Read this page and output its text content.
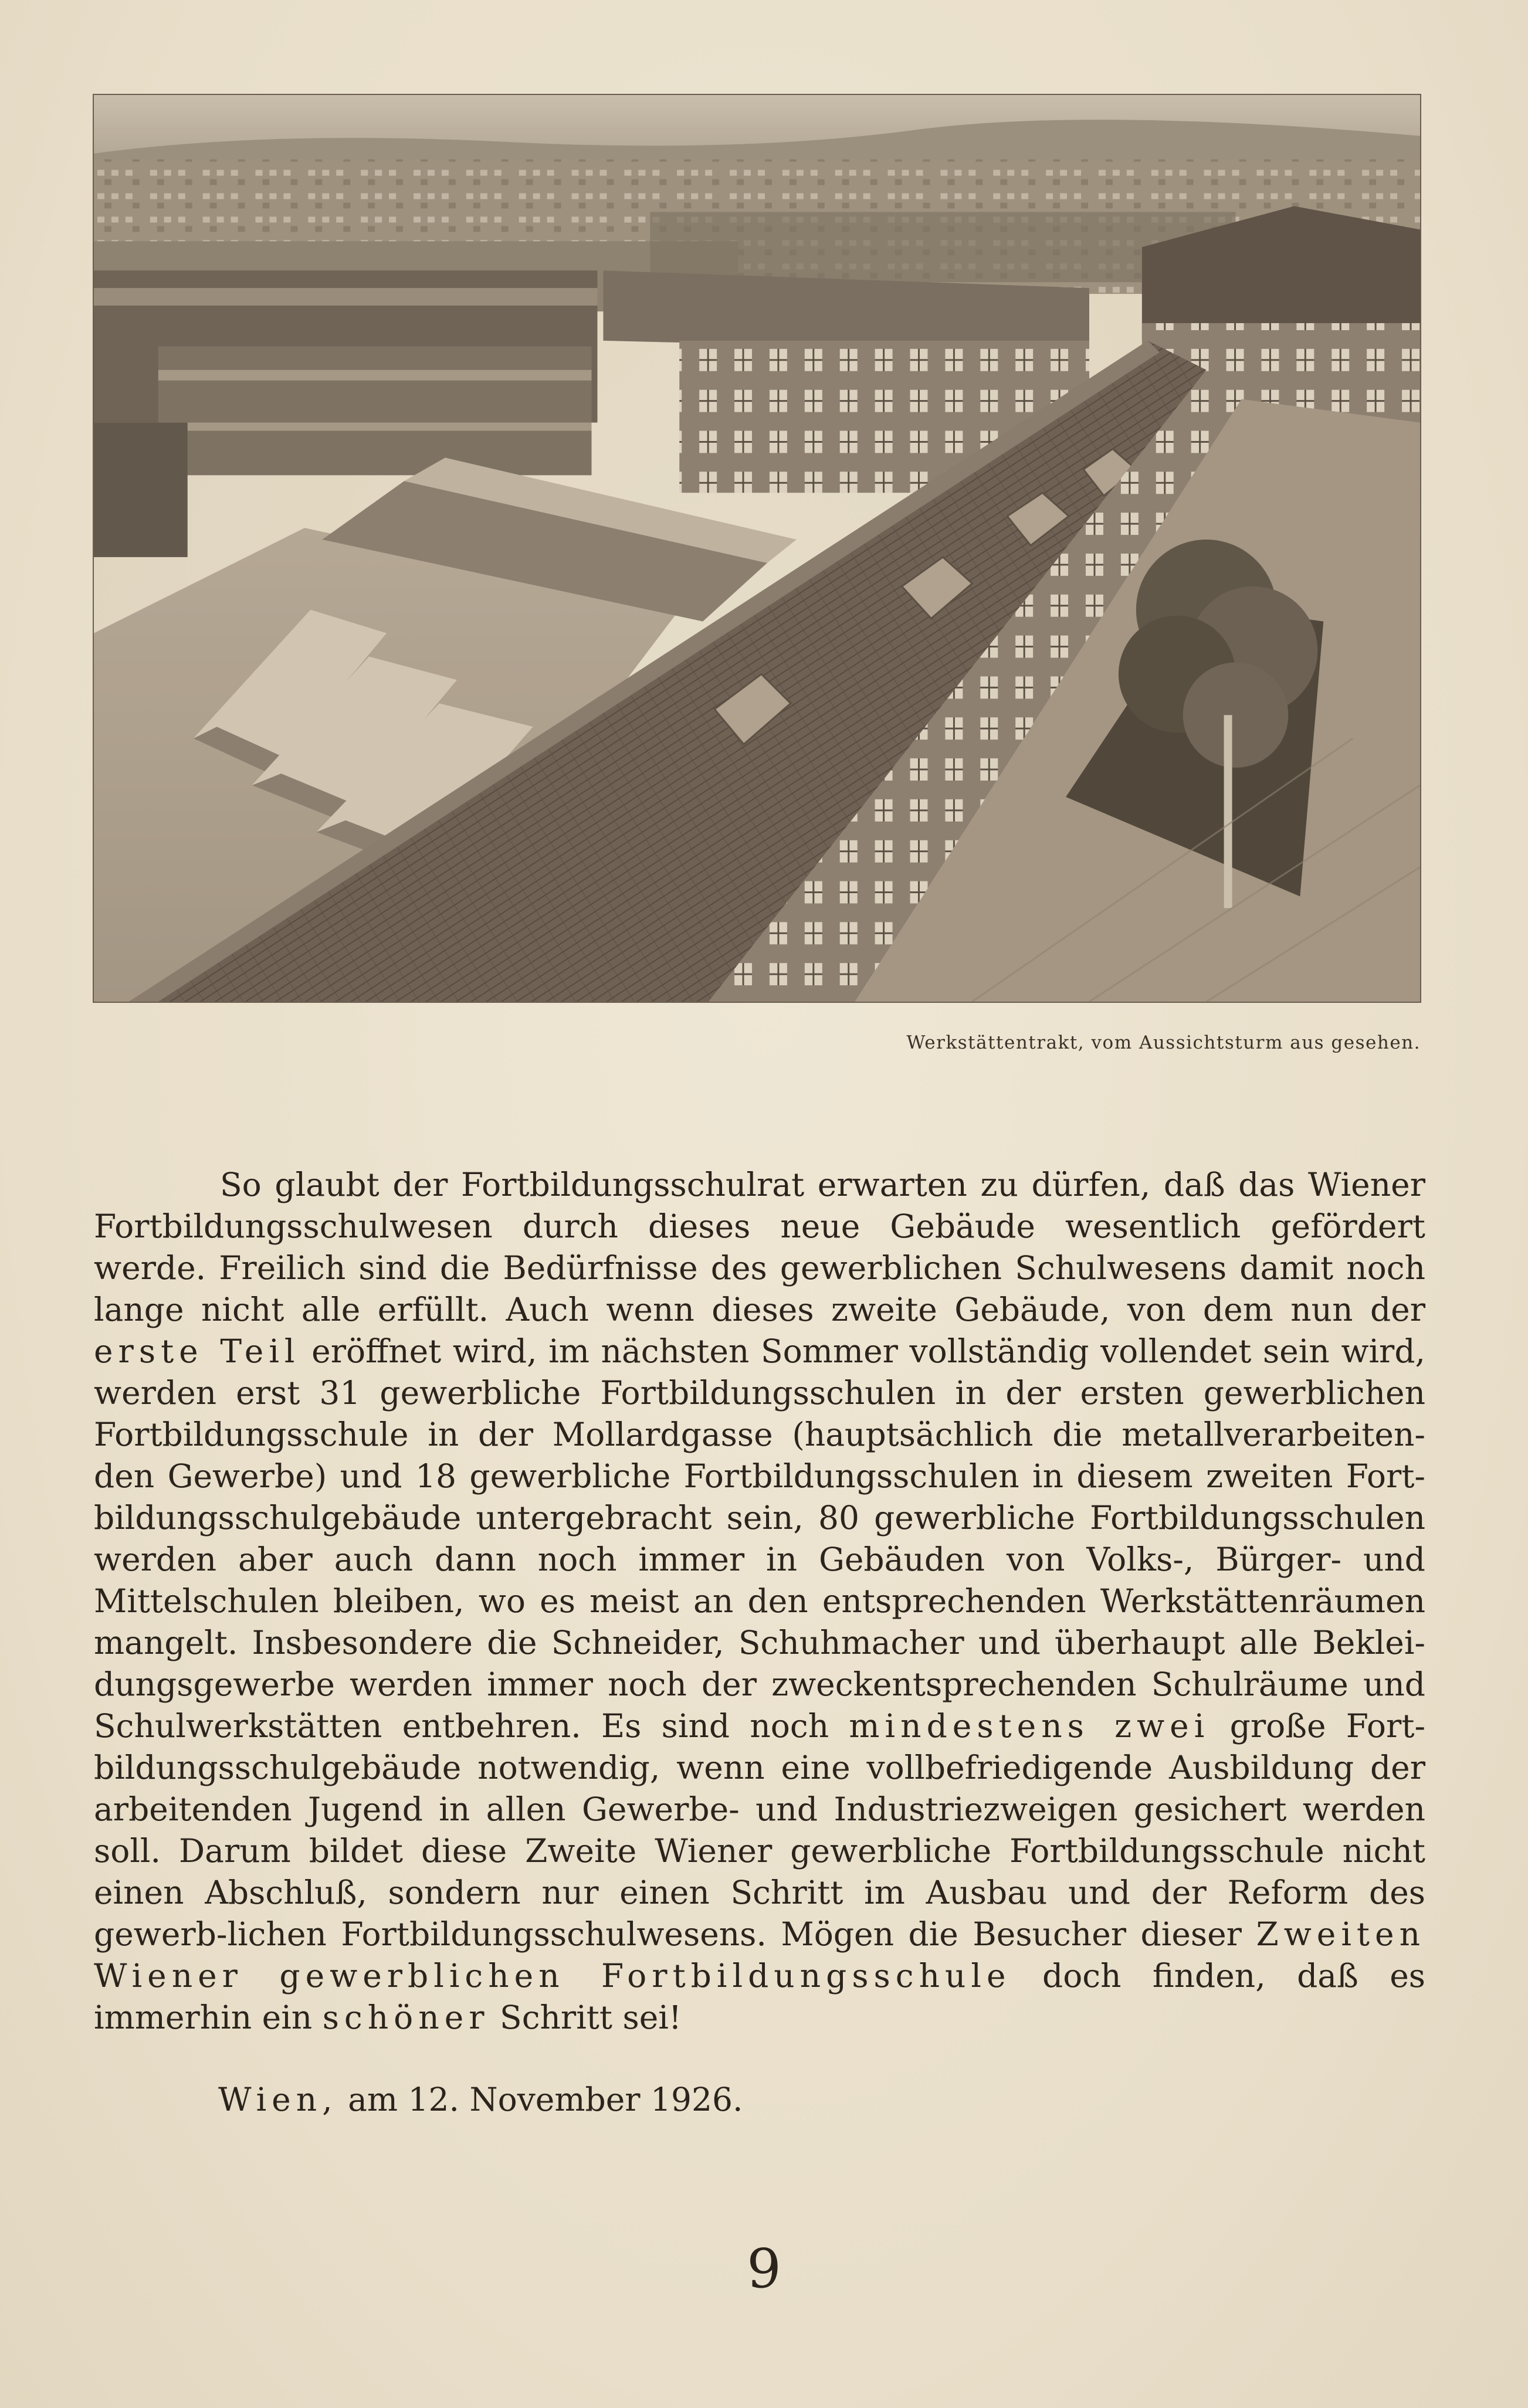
Werkstättentrakt, vom Aussichtsturm aus gesehen.

So glaubt der Fortbildungsschulrat erwarten zu dürfen, daß das Wiener Fortbildungsschulwesen durch dieses neue Gebäude wesentlich gefördert werde. Freilich sind die Bedürfnisse des gewerblichen Schulwesens damit noch lange nicht alle erfüllt. Auch wenn dieses zweite Gebäude, von dem nun der erste Teil eröffnet wird, im nächsten Sommer vollständig vollendet sein wird, werden erst 31 gewerbliche Fortbildungsschulen in der ersten gewerblichen Fortbildungsschule in der Mollardgasse (hauptsächlich die metallverarbeiten-den Gewerbe) und 18 gewerbliche Fortbildungsschulen in diesem zweiten Fort-bildungsschulgebäude untergebracht sein, 80 gewerbliche Fortbildungsschulen werden aber auch dann noch immer in Gebäuden von Volks-, Bürger- und Mittelschulen bleiben, wo es meist an den entsprechenden Werkstättenräumen mangelt. Insbesondere die Schneider, Schuhmacher und überhaupt alle Beklei-dungsgewerbe werden immer noch der zweckentsprechenden Schulräume und Schulwerkstätten entbehren. Es sind noch mindestens zwei große Fort-bildungsschulgebäude notwendig, wenn eine vollbefriedigende Ausbildung der arbeitenden Jugend in allen Gewerbe- und Industriezweigen gesichert werden soll. Darum bildet diese Zweite Wiener gewerbliche Fortbildungsschule nicht einen Abschluß, sondern nur einen Schritt im Ausbau und der Reform des gewerb-lichen Fortbildungsschulwesens. Mögen die Besucher dieser Zweiten Wiener gewerblichen Fortbildungsschule doch finden, daß es immerhin ein schöner Schritt sei!

Wien, am 12. November 1926.
9
